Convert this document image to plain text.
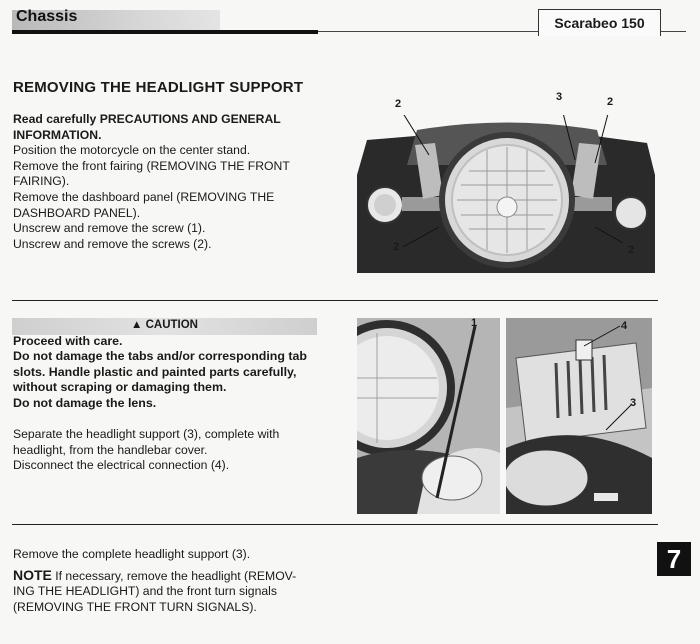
Chassis	Scarabeo 150
REMOVING THE HEADLIGHT SUPPORT

Read carefully PRECAUTIONS AND GENERAL

INFORMATION.

Position the motorcycle on the center stand.

Remove the front fairing (REMOVING THE FRONT

FAIRING).

Remove the dashboard panel (REMOVING THE

DASHBOARD PANEL).

Unscrew and remove the screw (1).

Unscrew and remove the screws (2).

2
3	2
2	2
▲ CAUTION

Proceed with care.

Do not damage the tabs and/or corresponding tab

slots. Handle plastic and painted parts carefully,

without scraping or damaging them.

Do not damage the lens.

Separate the headlight support (3), complete with

headlight, from the handlebar cover.

Disconnect the electrical connection (4).

1	4
3

Remove the complete headlight support (3).

NOTE If necessary, remove the headlight (REMOV-

ING THE HEADLIGHT) and the front turn signals

(REMOVING THE FRONT TURN SIGNALS).

7
